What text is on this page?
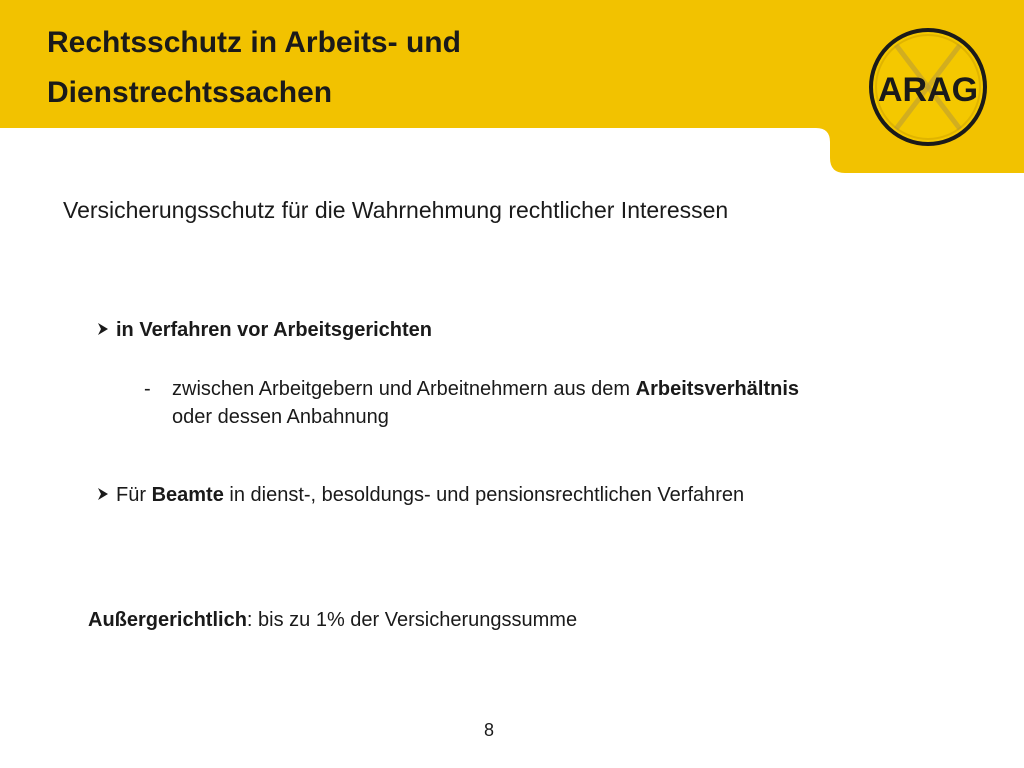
Rechtsschutz in Arbeits- und
Dienstrechtssachen	ARAG
Versicherungsschutz für die Wahrnehmung rechtlicher Interessen
in Verfahren vor Arbeitsgerichten
- zwischen Arbeitgebern und Arbeitnehmern aus dem Arbeitsverhältnis
oder dessen Anbahnung
Für Beamte in dienst-, besoldungs- und pensionsrechtlichen Verfahren
Außergerichtlich: bis zu 1% der Versicherungssumme
8
